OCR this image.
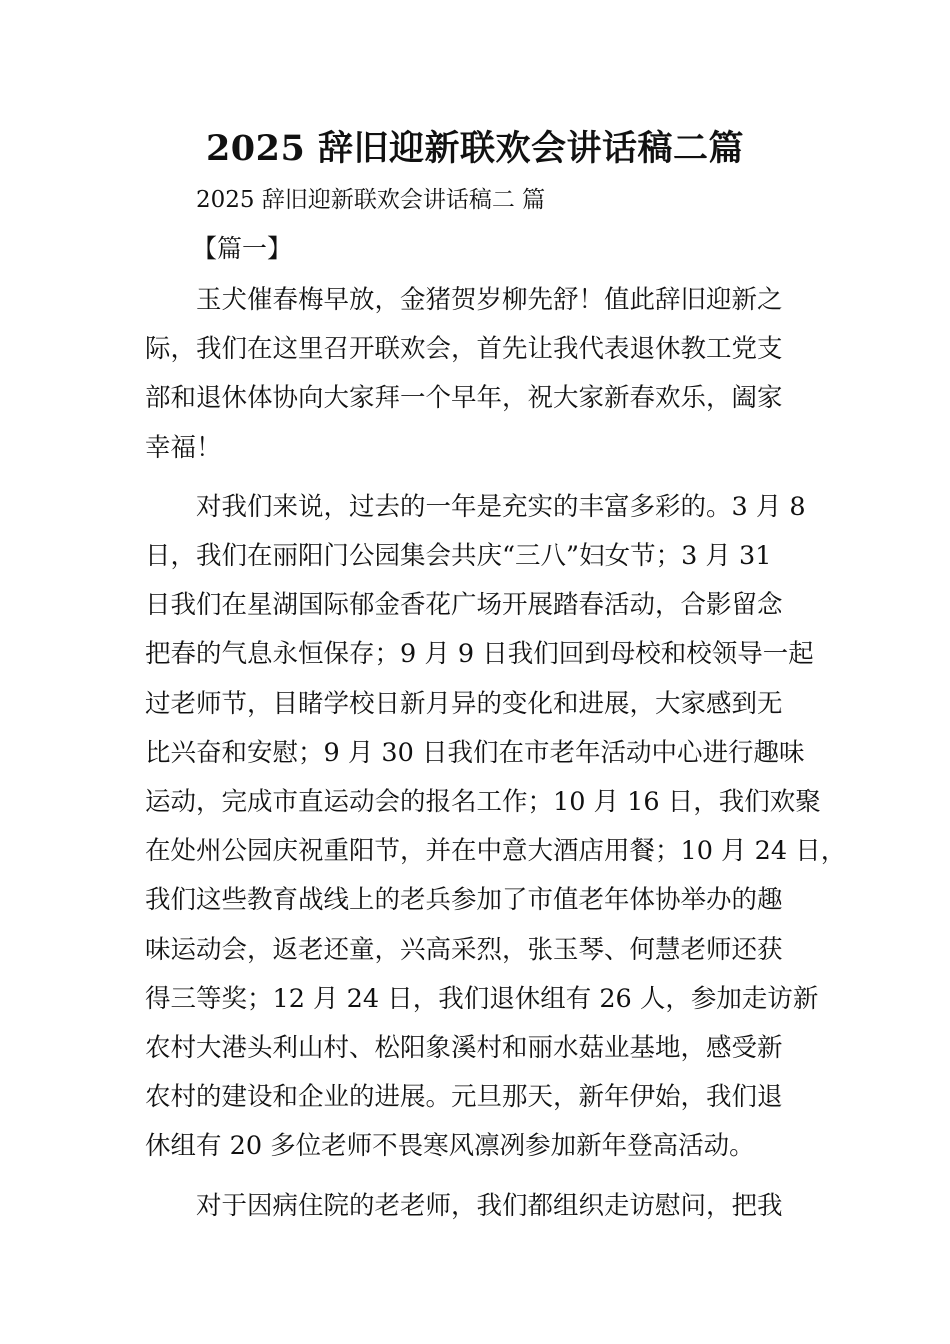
2025 辞旧迎新联欢会讲话稿二篇

2025 辞旧迎新联欢会讲话稿二 篇

【篇一】

玉犬催春梅早放，金猪贺岁柳先舒！值此辞旧迎新之
际，我们在这里召开联欢会，首先让我代表退休教工党支
部和退休体协向大家拜一个早年，祝大家新春欢乐，阖家
幸福！

对我们来说，过去的一年是充实的丰富多彩的。3 月 8
日，我们在丽阳门公园集会共庆“三八”妇女节；3 月 31
日我们在星湖国际郁金香花广场开展踏春活动，合影留念
把春的气息永恒保存；9 月 9 日我们回到母校和校领导一起
过老师节，目睹学校日新月异的变化和进展，大家感到无
比兴奋和安慰；9 月 30 日我们在市老年活动中心进行趣味
运动，完成市直运动会的报名工作；10 月 16 日，我们欢聚
在处州公园庆祝重阳节，并在中意大酒店用餐；10 月 24 日，
我们这些教育战线上的老兵参加了市值老年体协举办的趣
味运动会，返老还童，兴高采烈，张玉琴、何慧老师还获
得三等奖；12 月 24 日，我们退休组有 26 人，参加走访新
农村大港头利山村、松阳象溪村和丽水菇业基地，感受新
农村的建设和企业的进展。元旦那天，新年伊始，我们退
休组有 20 多位老师不畏寒风凛冽参加新年登高活动。

对于因病住院的老老师，我们都组织走访慰问，把我
